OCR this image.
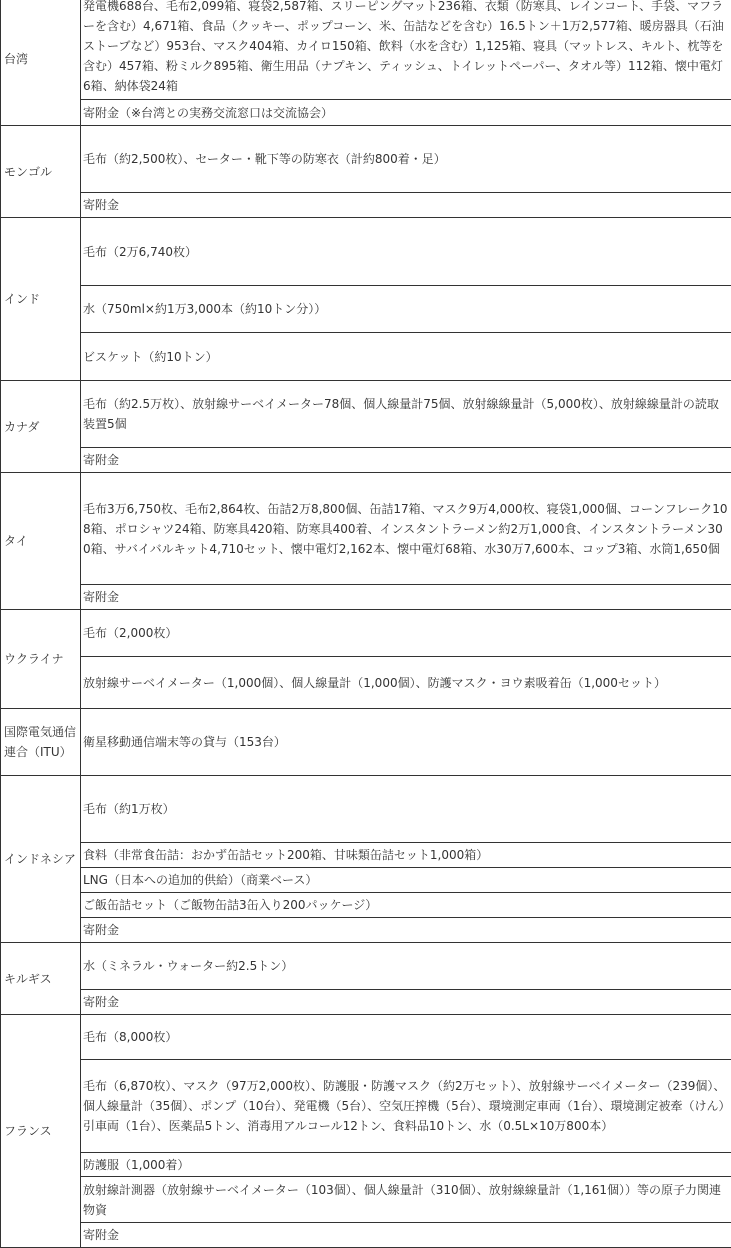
台湾	発電機688台、毛布2,099箱、寝袋2,587箱、スリーピングマット236箱、衣類（防寒具、レインコート、手袋、マフラーを含む）4,671箱、食品（クッキー、ポップコーン、米、缶詰などを含む）16.5トン＋1万2,577箱、暖房器具（石油ストーブなど）953台、マスク404箱、カイロ150箱、飲料（水を含む）1,125箱、寝具（マットレス、キルト、枕等を含む）457箱、粉ミルク895箱、衛生用品（ナプキン、ティッシュ、トイレットペーパー、タオル等）112箱、懐中電灯6箱、納体袋24箱
	寄附金（※台湾との実務交流窓口は交流協会）
モンゴル	毛布（約2,500枚）、セーター・靴下等の防寒衣（計約800着・足）
	寄附金
インド	毛布（2万6,740枚）
	水（750ml×約1万3,000本（約10トン分））
	ビスケット（約10トン）
カナダ	毛布（約2.5万枚）、放射線サーベイメーター78個、個人線量計75個、放射線線量計（5,000枚）、放射線線量計の読取装置5個
	寄附金
タイ	毛布3万6,750枚、毛布2,864枚、缶詰2万8,800個、缶詰17箱、マスク9万4,000枚、寝袋1,000個、コーンフレーク108箱、ポロシャツ24箱、防寒具420箱、防寒具400着、インスタントラーメン約2万1,000食、インスタントラーメン300箱、サバイバルキット4,710セット、懐中電灯2,162本、懐中電灯68箱、水30万7,600本、コップ3箱、水筒1,650個
	寄附金
ウクライナ	毛布（2,000枚）
	放射線サーベイメーター（1,000個）、個人線量計（1,000個）、防護マスク・ヨウ素吸着缶（1,000セット）
国際電気通信連合（ITU）	衛星移動通信端末等の貸与（153台）
インドネシア	毛布（約1万枚）
	食料（非常食缶詰：おかず缶詰セット200箱、甘味類缶詰セット1,000箱）
	LNG（日本への追加的供給）（商業ベース）
	ご飯缶詰セット（ご飯物缶詰3缶入り200パッケージ）
	寄附金
キルギス	水（ミネラル・ウォーター約2.5トン）
	寄附金
フランス	毛布（8,000枚）
	毛布（6,870枚）、マスク（97万2,000枚）、防護服・防護マスク（約2万セット）、放射線サーベイメーター（239個）、個人線量計（35個）、ポンプ（10台）、発電機（5台）、空気圧搾機（5台）、環境測定車両（1台）、環境測定被牽（けん）引車両（1台）、医薬品5トン、消毒用アルコール12トン、食料品10トン、水（0.5L×10万800本）
	防護服（1,000着）
	放射線計測器（放射線サーベイメーター（103個）、個人線量計（310個）、放射線線量計（1,161個））等の原子力関連物資
	寄附金
